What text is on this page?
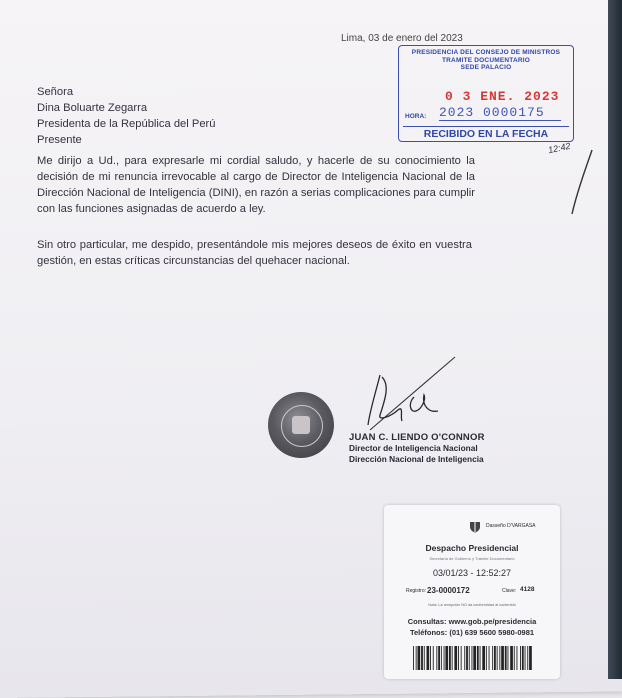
Lima, 03 de enero del 2023
Señora
Dina Boluarte Zegarra
Presidenta de la República del Perú
Presente
Me dirijo a Ud., para expresarle mi cordial saludo, y hacerle de su conocimiento la decisión de mi renuncia irrevocable al cargo de Director de Inteligencia Nacional de la Dirección Nacional de Inteligencia (DINI), en razón a serias complicaciones para cumplir con las funciones asignadas de acuerdo a ley.
Sin otro particular, me despido, presentándole mis mejores deseos de éxito en vuestra gestión, en estas críticas circunstancias del quehacer nacional.
PRESIDENCIA DEL CONSEJO DE MINISTROS
TRAMITE DOCUMENTARIO
SEDE PALACIO
0 3 ENE. 2023
2023 0000175
HORA:
RECIBIDO EN LA FECHA
12:42
JUAN C. LIENDO O'CONNOR
Director de Inteligencia Nacional
Dirección Nacional de Inteligencia
Dasseño D'VARGASA
Despacho Presidencial
Secretaría de Gobierno y Trámite Documentario
03/01/23 - 12:52:27
Registro: 23-0000172	Clave: 4128
Nota: La recepción NO da conformidad al contenido
Consultas: www.gob.pe/presidencia
Teléfonos: (01) 639 5600 5980-0981
